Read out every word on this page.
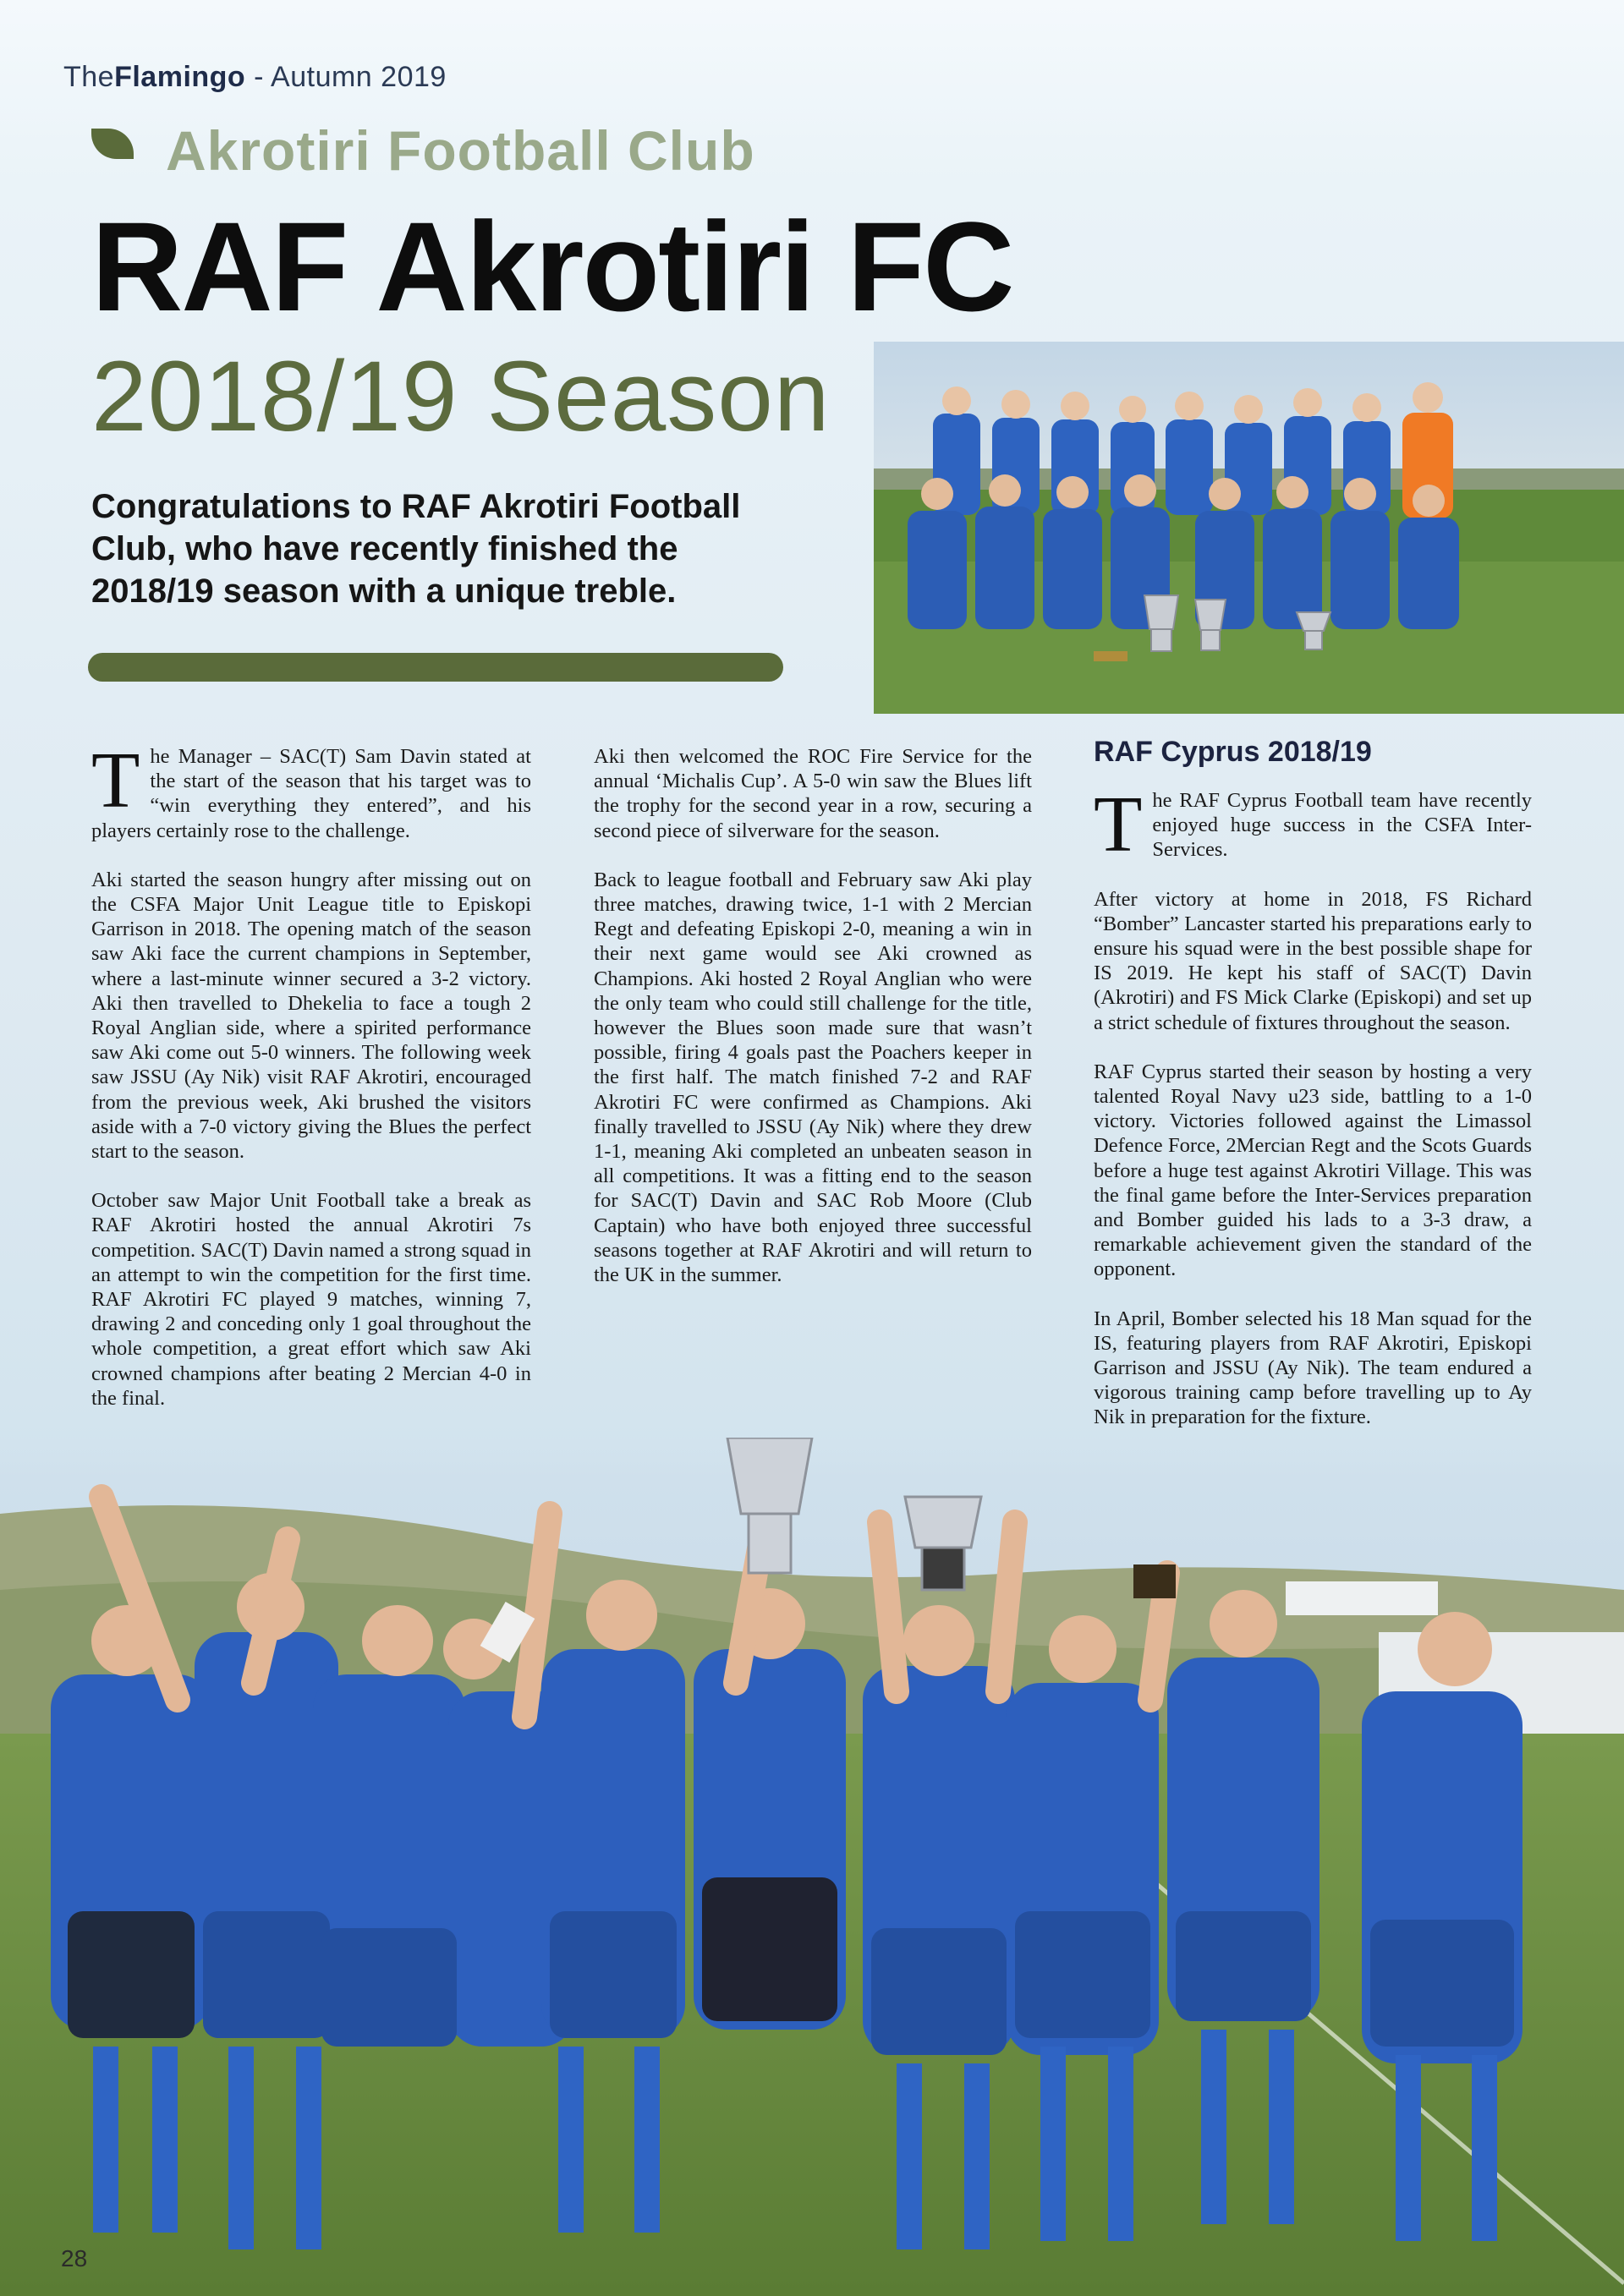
TheFlamingo - Autumn 2019
Akrotiri Football Club
RAF Akrotiri FC
2018/19 Season
Congratulations to RAF Akrotiri Football Club, who have recently finished the 2018/19 season with a unique treble.

The Manager – SAC(T) Sam Davin stated at the start of the season that his target was to “win everything they entered”, and his players certainly rose to the challenge.

Aki started the season hungry after missing out on the CSFA Major Unit League title to Episkopi Garrison in 2018. The opening match of the season saw Aki face the current champions in September, where a last-minute winner secured a 3-2 victory. Aki then travelled to Dhekelia to face a tough 2 Royal Anglian side, where a spirited performance saw Aki come out 5-0 winners. The following week saw JSSU (Ay Nik) visit RAF Akrotiri, encouraged from the previous week, Aki brushed the visitors aside with a 7-0 victory giving the Blues the perfect start to the season.

October saw Major Unit Football take a break as RAF Akrotiri hosted the annual Akrotiri 7s competition. SAC(T) Davin named a strong squad in an attempt to win the competition for the first time. RAF Akrotiri FC played 9 matches, winning 7, drawing 2 and conceding only 1 goal throughout the whole competition, a great effort which saw Aki crowned champions after beating 2 Mercian 4-0 in the final.

Aki then welcomed the ROC Fire Service for the annual ‘Michalis Cup’. A 5-0 win saw the Blues lift the trophy for the second year in a row, securing a second piece of silverware for the season.

Back to league football and February saw Aki play three matches, drawing twice, 1-1 with 2 Mercian Regt and defeating Episkopi 2-0, meaning a win in their next game would see Aki crowned as Champions. Aki hosted 2 Royal Anglian who were the only team who could still challenge for the title, however the Blues soon made sure that wasn’t possible, firing 4 goals past the Poachers keeper in the first half. The match finished 7-2 and RAF Akrotiri FC were confirmed as Champions. Aki finally travelled to JSSU (Ay Nik) where they drew 1-1, meaning Aki completed an unbeaten season in all competitions. It was a fitting end to the season for SAC(T) Davin and SAC Rob Moore (Club Captain) who have both enjoyed three successful seasons together at RAF Akrotiri and will return to the UK in the summer.

RAF Cyprus 2018/19

The RAF Cyprus Football team have recently enjoyed huge success in the CSFA Inter-Services.

After victory at home in 2018, FS Richard “Bomber” Lancaster started his preparations early to ensure his squad were in the best possible shape for IS 2019. He kept his staff of SAC(T) Davin (Akrotiri) and FS Mick Clarke (Episkopi) and set up a strict schedule of fixtures throughout the season.

RAF Cyprus started their season by hosting a very talented Royal Navy u23 side, battling to a 1-0 victory. Victories followed against the Limassol Defence Force, 2Mercian Regt and the Scots Guards before a huge test against Akrotiri Village. This was the final game before the Inter-Services preparation and Bomber guided his lads to a 3-3 draw, a remarkable achievement given the standard of the opponent.

In April, Bomber selected his 18 Man squad for the IS, featuring players from RAF Akrotiri, Episkopi Garrison and JSSU (Ay Nik). The team endured a vigorous training camp before travelling up to Ay Nik in preparation for the fixture.

28
